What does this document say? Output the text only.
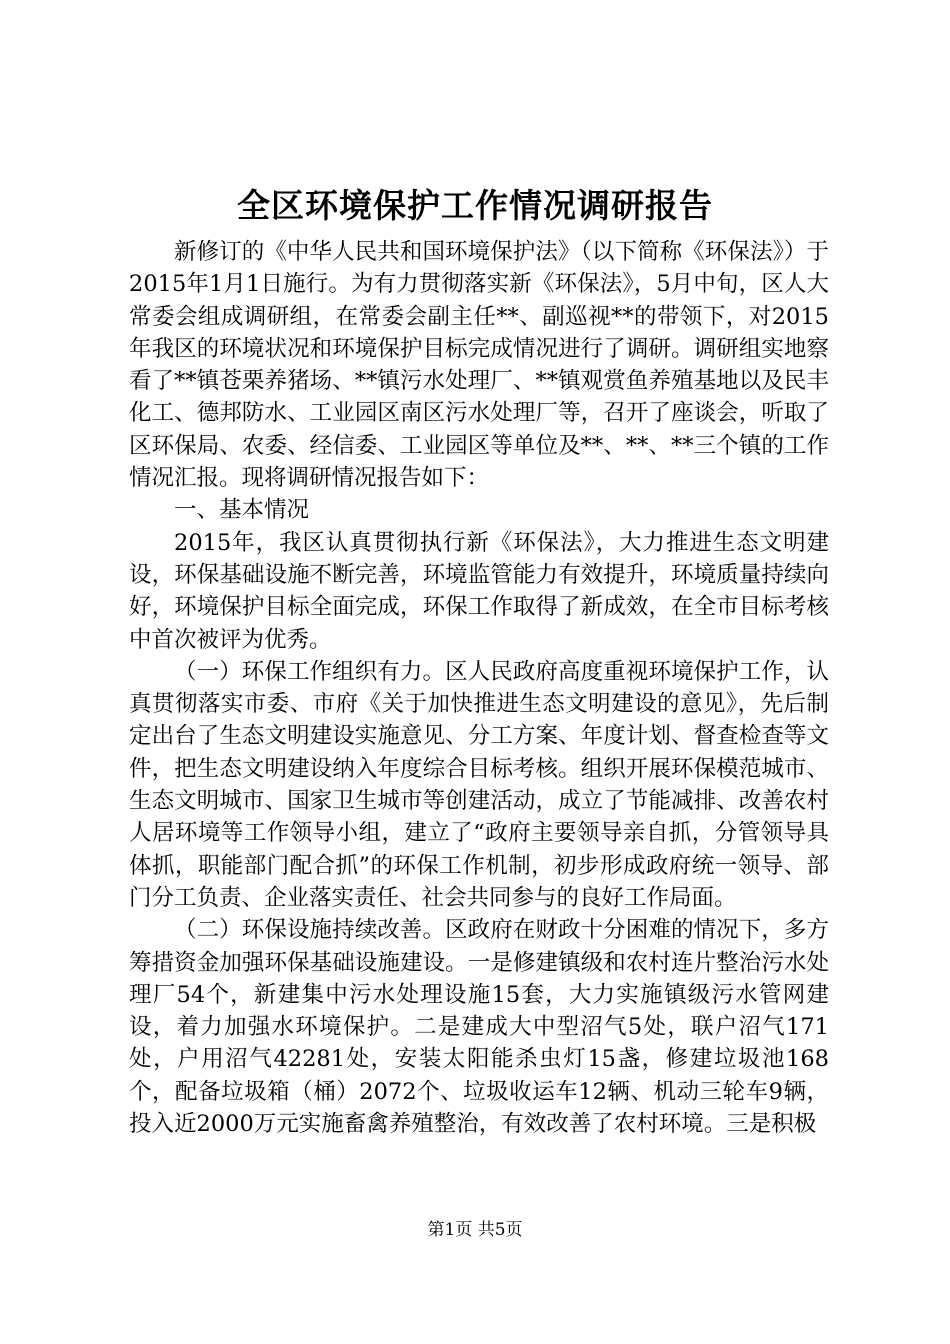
全区环境保护工作情况调研报告

新修订的《中华人民共和国环境保护法》（以下简称《环保法》）于2015年1月1日施行。为有力贯彻落实新《环保法》，5月中旬，区人大常委会组成调研组，在常委会副主任**、副巡视**的带领下，对2015年我区的环境状况和环境保护目标完成情况进行了调研。调研组实地察看了**镇苍栗养猪场、**镇污水处理厂、**镇观赏鱼养殖基地以及民丰化工、德邦防水、工业园区南区污水处理厂等，召开了座谈会，听取了区环保局、农委、经信委、工业园区等单位及**、**、**三个镇的工作情况汇报。现将调研情况报告如下：

一、基本情况

2015年，我区认真贯彻执行新《环保法》，大力推进生态文明建设，环保基础设施不断完善，环境监管能力有效提升，环境质量持续向好，环境保护目标全面完成，环保工作取得了新成效，在全市目标考核中首次被评为优秀。

（一）环保工作组织有力。区人民政府高度重视环境保护工作，认真贯彻落实市委、市府《关于加快推进生态文明建设的意见》，先后制定出台了生态文明建设实施意见、分工方案、年度计划、督查检查等文件，把生态文明建设纳入年度综合目标考核。组织开展环保模范城市、生态文明城市、国家卫生城市等创建活动，成立了节能减排、改善农村人居环境等工作领导小组，建立了“政府主要领导亲自抓，分管领导具体抓，职能部门配合抓”的环保工作机制，初步形成政府统一领导、部门分工负责、企业落实责任、社会共同参与的良好工作局面。

（二）环保设施持续改善。区政府在财政十分困难的情况下，多方筹措资金加强环保基础设施建设。一是修建镇级和农村连片整治污水处理厂54个，新建集中污水处理设施15套，大力实施镇级污水管网建设，着力加强水环境保护。二是建成大中型沼气5处，联户沼气171处，户用沼气42281处，安装太阳能杀虫灯15盏，修建垃圾池168个，配备垃圾箱（桶）2072个、垃圾收运车12辆、机动三轮车9辆，投入近2000万元实施畜禽养殖整治，有效改善了农村环境。三是积极

第1页 共5页
